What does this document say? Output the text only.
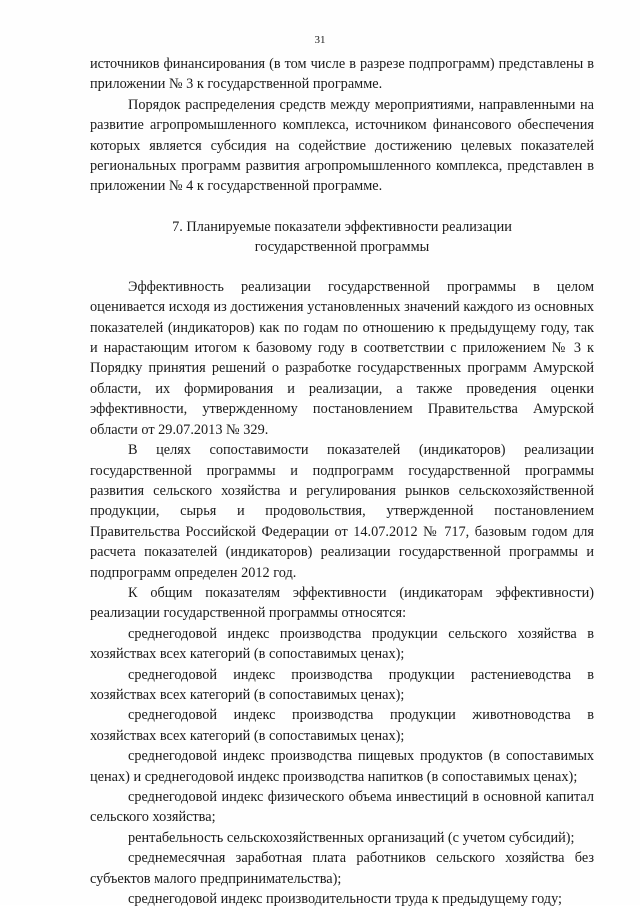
31

источников финансирования (в том числе в разрезе подпрограмм) представлены в приложении № 3 к государственной программе.

Порядок распределения средств между мероприятиями, направленными на развитие агропромышленного комплекса, источником финансового обеспечения которых является субсидия на содействие достижению целевых показателей региональных программ развития агропромышленного комплекса, представлен в приложении № 4 к государственной программе.

7. Планируемые показатели эффективности реализации
государственной программы

Эффективность реализации государственной программы в целом оценивается исходя из достижения установленных значений каждого из основных показателей (индикаторов) как по годам по отношению к предыдущему году, так и нарастающим итогом к базовому году в соответствии с приложением № 3 к Порядку принятия решений о разработке государственных программ Амурской области, их формирования и реализации, а также проведения оценки эффективности, утвержденному постановлением Правительства Амурской области от 29.07.2013 № 329.

В целях сопоставимости показателей (индикаторов) реализации государственной программы и подпрограмм государственной программы развития сельского хозяйства и регулирования рынков сельскохозяйственной продукции, сырья и продовольствия, утвержденной постановлением Правительства Российской Федерации от 14.07.2012 № 717, базовым годом для расчета показателей (индикаторов) реализации государственной программы и подпрограмм определен 2012 год.

К общим показателям эффективности (индикаторам эффективности) реализации государственной программы относятся:

среднегодовой индекс производства продукции сельского хозяйства в хозяйствах всех категорий (в сопоставимых ценах);

среднегодовой индекс производства продукции растениеводства в хозяйствах всех категорий (в сопоставимых ценах);

среднегодовой индекс производства продукции животноводства в хозяйствах всех категорий (в сопоставимых ценах);

среднегодовой индекс производства пищевых продуктов (в сопоставимых ценах) и среднегодовой индекс производства напитков (в сопоставимых ценах);

среднегодовой индекс физического объема инвестиций в основной капитал сельского хозяйства;

рентабельность сельскохозяйственных организаций (с учетом субсидий);

среднемесячная заработная плата работников сельского хозяйства без субъектов малого предпринимательства);

среднегодовой индекс производительности труда к предыдущему году;
